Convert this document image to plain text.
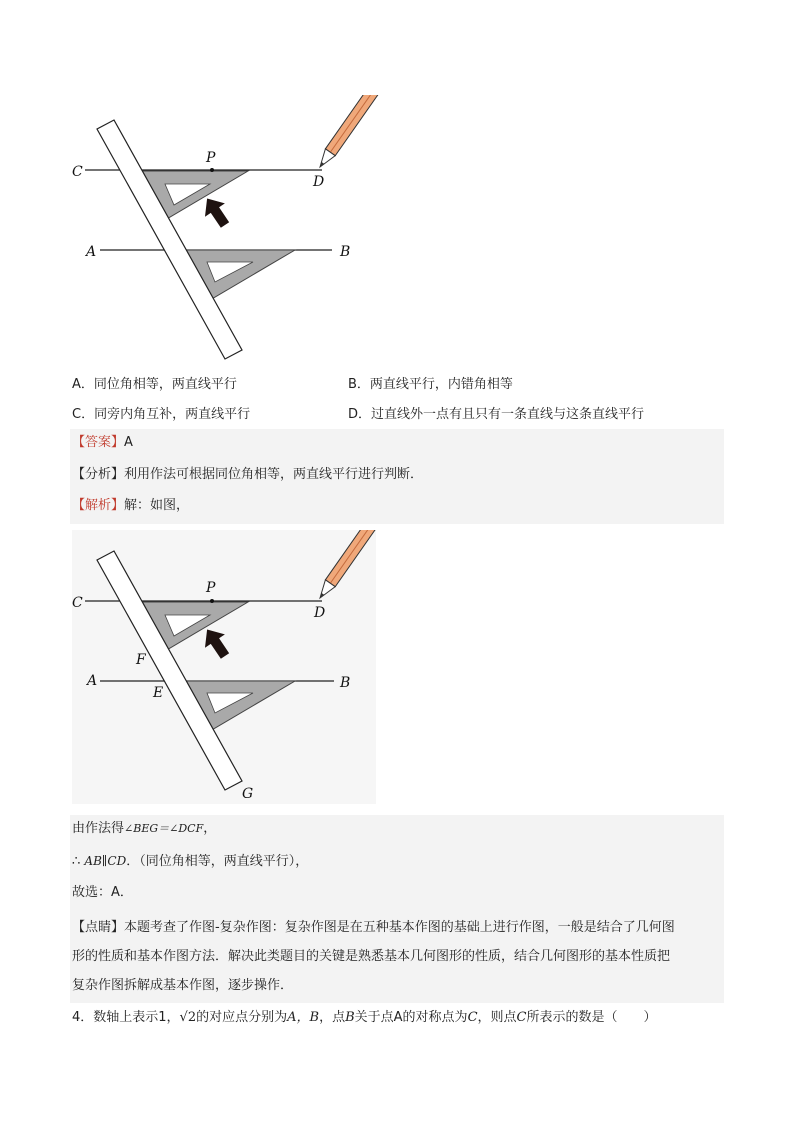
C
P
D
A	B
A．同位角相等，两直线平行	B．两直线平行，内错角相等
C．同旁内角互补，两直线平行	D．过直线外一点有且只有一条直线与这条直线平行
【答案】A
【分析】利用作法可根据同位角相等，两直线平行进行判断．
【解析】解：如图，
C
P
D
F
A
E
B
G
由作法得∠BEG＝∠DCF，
∴ AB∥CD．（同位角相等，两直线平行），
故选：A．
【点睛】本题考查了作图-复杂作图：复杂作图是在五种基本作图的基础上进行作图，一般是结合了几何图
形的性质和基本作图方法．解决此类题目的关键是熟悉基本几何图形的性质，结合几何图形的基本性质把
复杂作图拆解成基本作图，逐步操作．
4．数轴上表示1，√2的对应点分别为A，B，点B关于点A的对称点为C，则点C所表示的数是（　　）
